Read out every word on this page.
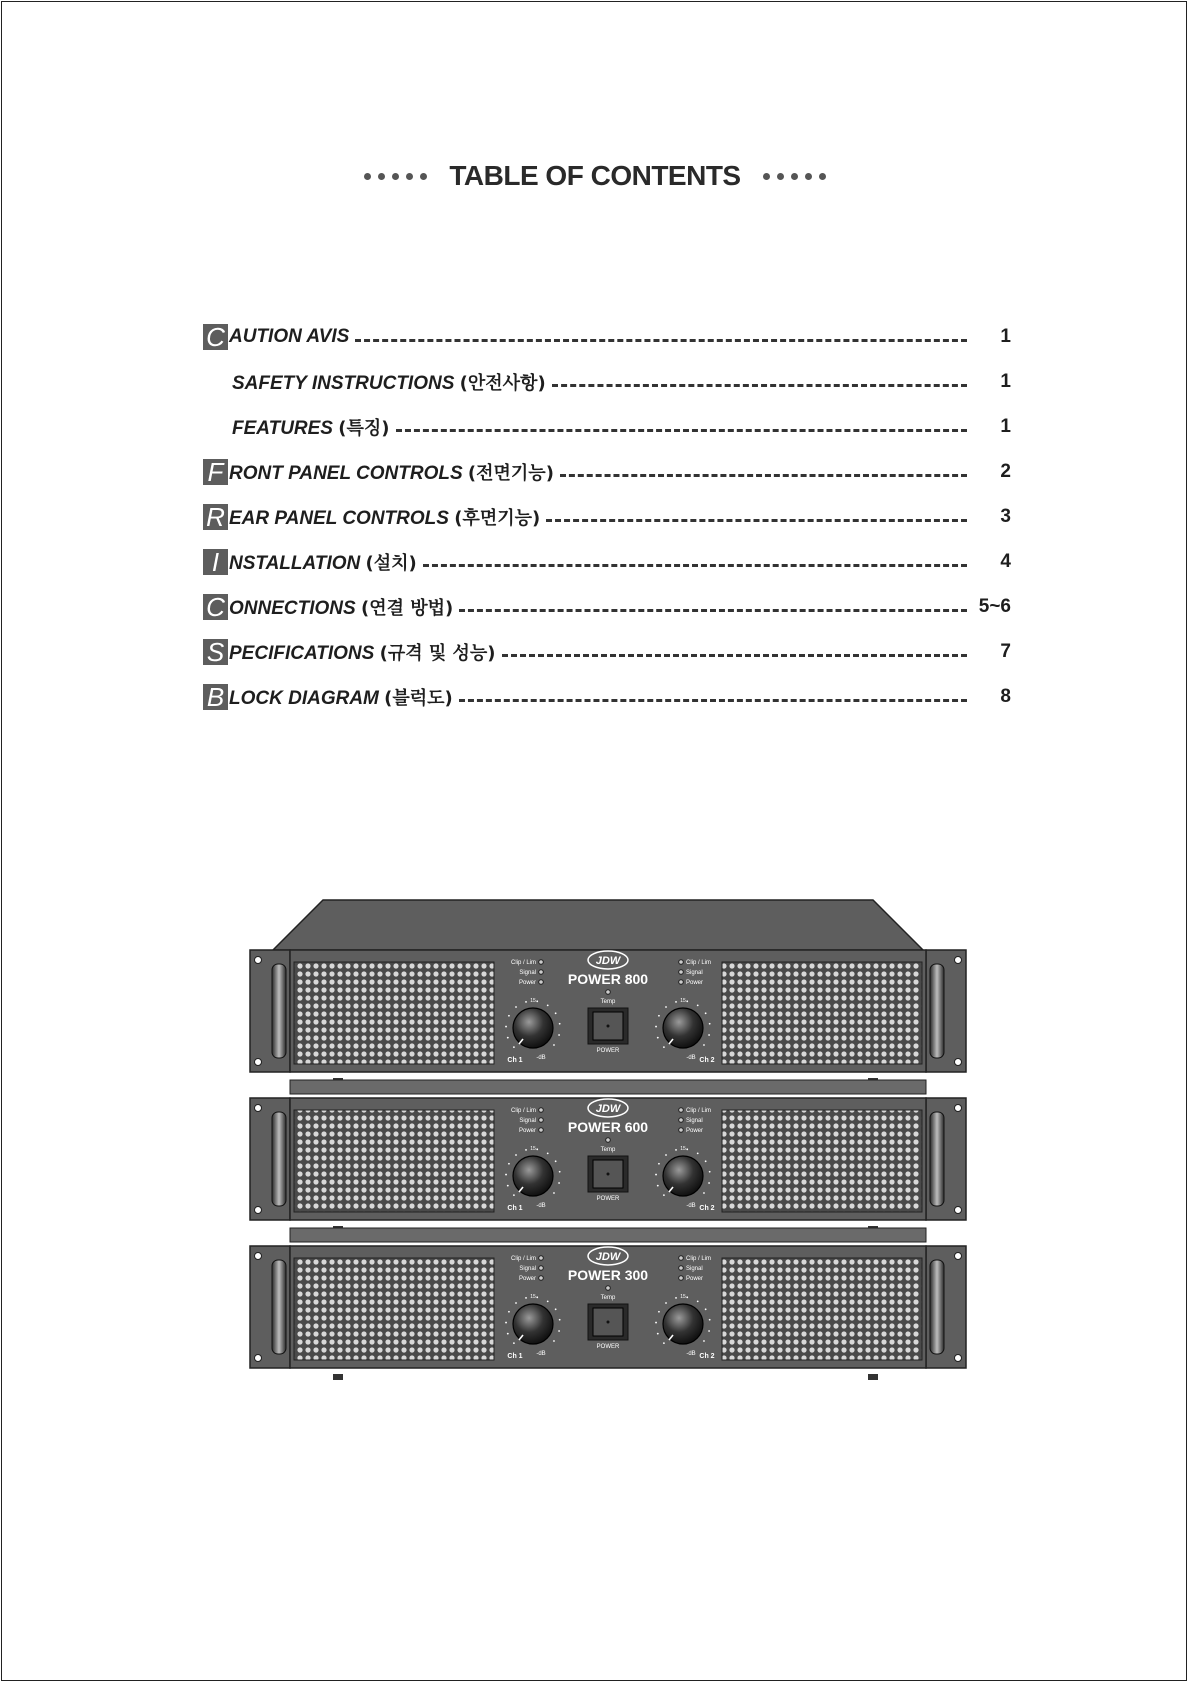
TABLE OF CONTENTS
C AUTION AVIS	1
SAFETY INSTRUCTIONS (안전사항)	1
FEATURES (특징)	1
F RONT PANEL CONTROLS (전면기능)	2
R EAR PANEL CONTROLS (후면기능)	3
I NSTALLATION (설치)	4
C ONNECTIONS (연결 방법)	5~6
S PECIFICATIONS (규격 및 성능)	7
B LOCK DIAGRAM (블럭도)	8
JDW
POWER 800
Clip / Lim	Clip / Lim
Signal	Signal
Power	Power
Temp
POWER
15
-dB
Ch 1
15
-dB Ch 2
JDW
POWER 600
Clip / Lim	Clip / Lim
Signal	Signal
Power	Power
Temp
POWER
15
-dB
Ch 1
15
-dB Ch 2
JDW
POWER 300
Clip / Lim	Clip / Lim
Signal	Signal
Power	Power
Temp
POWER
15
-dB
Ch 1
15
-dB Ch 2
